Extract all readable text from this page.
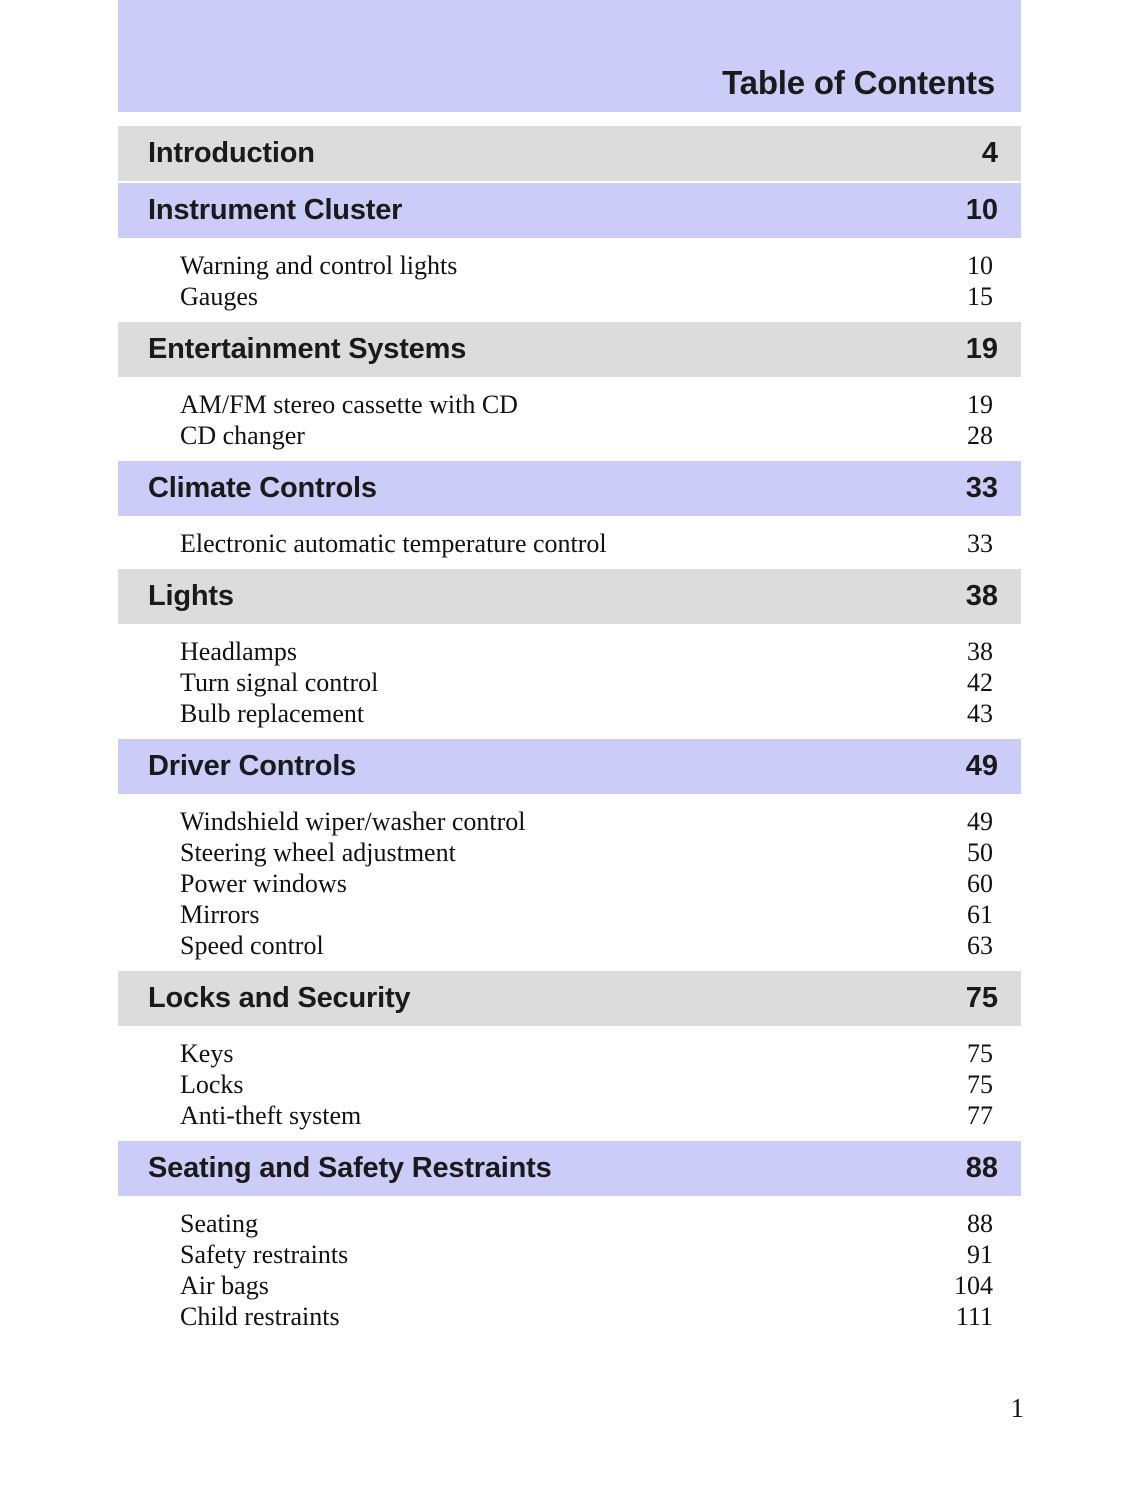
Table of Contents
Introduction	4
Instrument Cluster	10
Warning and control lights	10
Gauges	15
Entertainment Systems	19
AM/FM stereo cassette with CD	19
CD changer	28
Climate Controls	33
Electronic automatic temperature control	33
Lights	38
Headlamps	38
Turn signal control	42
Bulb replacement	43
Driver Controls	49
Windshield wiper/washer control	49
Steering wheel adjustment	50
Power windows	60
Mirrors	61
Speed control	63
Locks and Security	75
Keys	75
Locks	75
Anti-theft system	77
Seating and Safety Restraints	88
Seating	88
Safety restraints	91
Air bags	104
Child restraints	111
1
